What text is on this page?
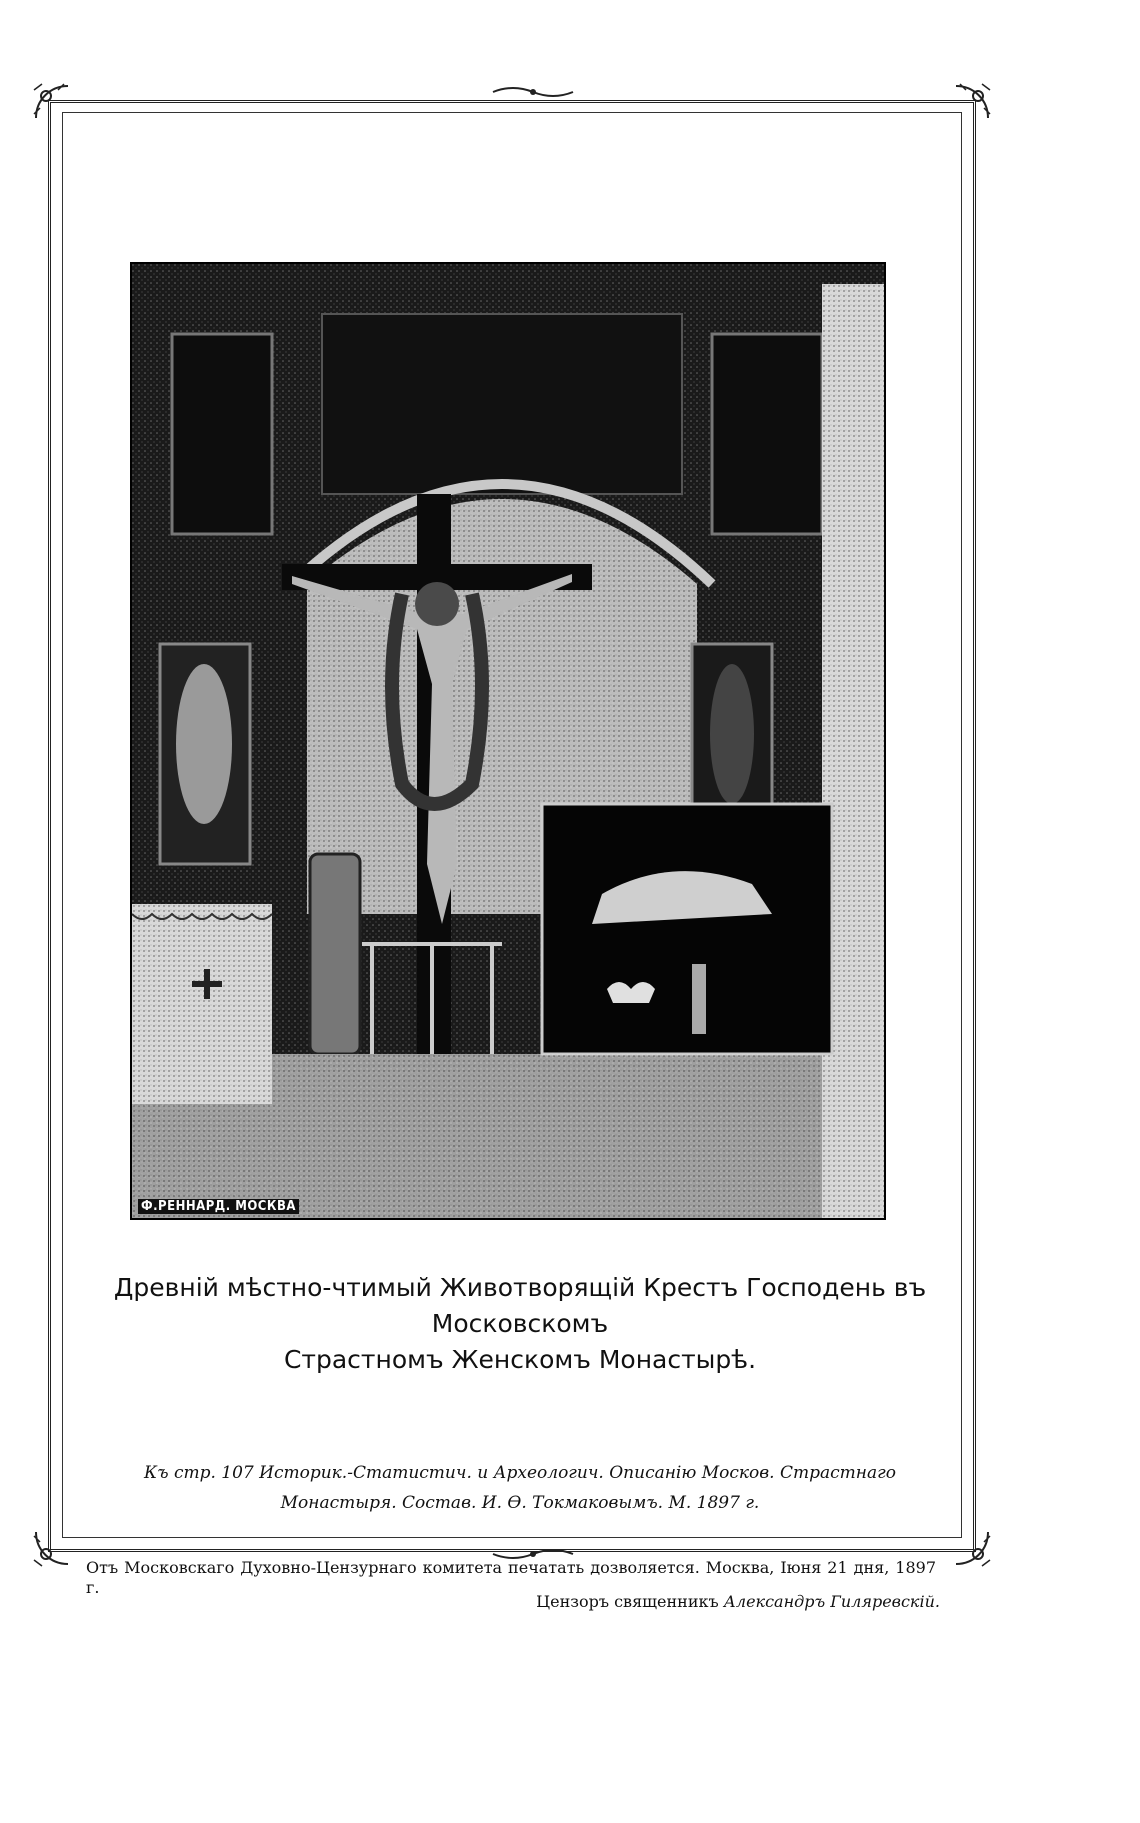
Ф.РЕННАРД. МОСКВА
Древнiй мѣстно-чтимый Животворящiй Крестъ Господень въ Московскомъ
Страстномъ Женскомъ Монастырѣ.
Къ стр. 107 Историк.-Статистич. и Археологич. Описанiю Москов. Страстнаго
Монастыря. Состав. И. Ѳ. Токмаковымъ. М. 1897 г.
Отъ Московскаго Духовно-Цензурнаго комитета печатать дозволяется. Москва, Iюня 21 дня, 1897 г.
Цензоръ священникъ Александръ Гиляревскiй.
